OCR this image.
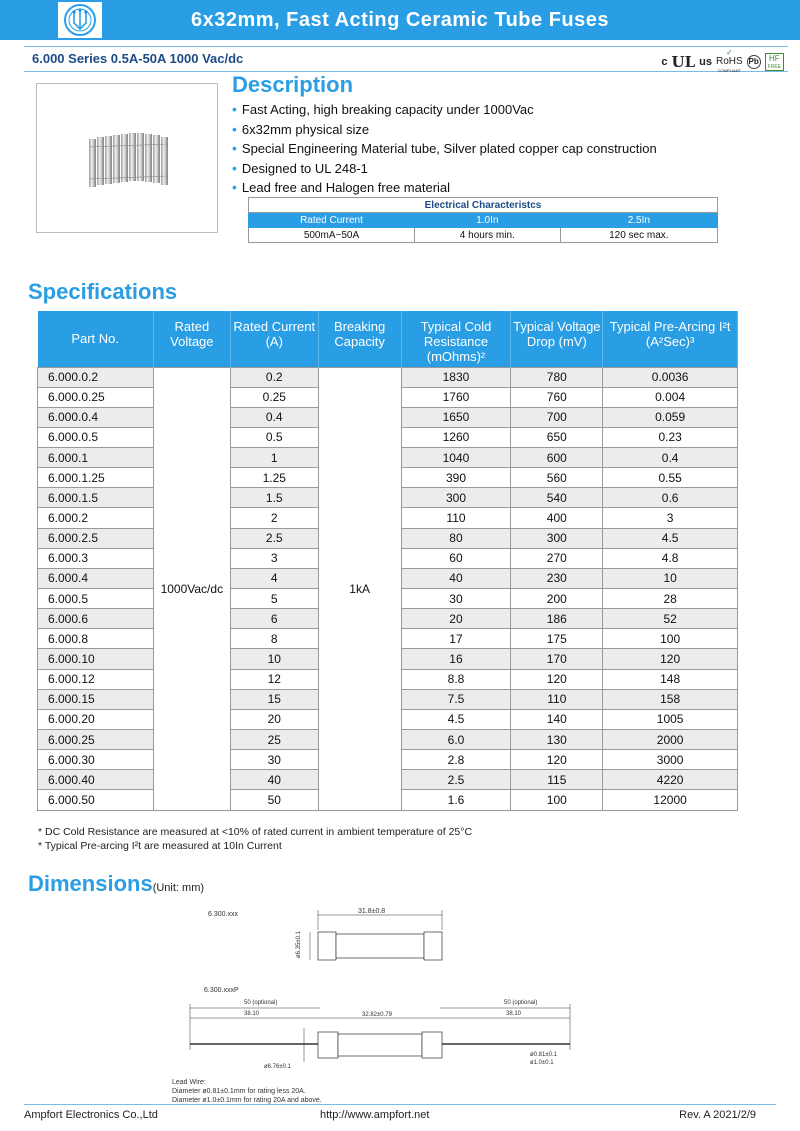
6x32mm, Fast Acting Ceramic Tube Fuses
6.000 Series 0.5A-50A 1000 Vac/dc	c UL us
✓
RoHS
COMPLIANT
Pb HF
FREE
Description
• Fast Acting, high breaking capacity under 1000Vac
• 6x32mm physical size
• Special Engineering Material tube, Silver plated copper cap construction
• Designed to UL 248-1
• Lead free and Halogen free material
Electrical Characteristcs		
Rated Current	1.0In	2.5In
500mA~50A	4 hours min.	120 sec max.
Specifications
Part No.	Rated Voltage	Rated Current (A)	Breaking Capacity	Typical Cold Resistance (mOhms)²	Typical Voltage Drop (mV)	Typical Pre-Arcing I²t (A²Sec)³
6.000.0.2	1000Vac/dc	0.2	1kA	1830	780	0.0036
6.000.0.25		0.25		1760	760	0.004
6.000.0.4		0.4		1650	700	0.059
6.000.0.5		0.5		1260	650	0.23
6.000.1		1		1040	600	0.4
6.000.1.25		1.25		390	560	0.55
6.000.1.5		1.5		300	540	0.6
6.000.2		2		110	400	3
6.000.2.5		2.5		80	300	4.5
6.000.3		3		60	270	4.8
6.000.4		4		40	230	10
6.000.5		5		30	200	28
6.000.6		6		20	186	52
6.000.8		8		17	175	100
6.000.10		10		16	170	120
6.000.12		12		8.8	120	148
6.000.15		15		7.5	110	158
6.000.20		20		4.5	140	1005
6.000.25		25		6.0	130	2000
6.000.30		30		2.8	120	3000
6.000.40		40		2.5	115	4220
6.000.50		50		1.6	100	12000
* DC Cold Resistance are measured at <10% of rated current in ambient temperature of 25°C
* Typical Pre-arcing I²t are measured at 10In Current
Dimensions(Unit: mm)
6.300.xxx	31.8±0.8
ø6.35±0.1
6.300.xxxP
50 (optional)	50 (optional)
38.10	38.10
32.82±0.79
ø6.76±0.1
ø0.81±0.1
ø1.0±0.1
Lead Wire:
Diameter ø0.81±0.1mm for rating less 20A.
Diameter ø1.0±0.1mm for rating 20A and above.
Ampfort Electronics Co.,Ltd	http://www.ampfort.net	Rev. A 2021/2/9
